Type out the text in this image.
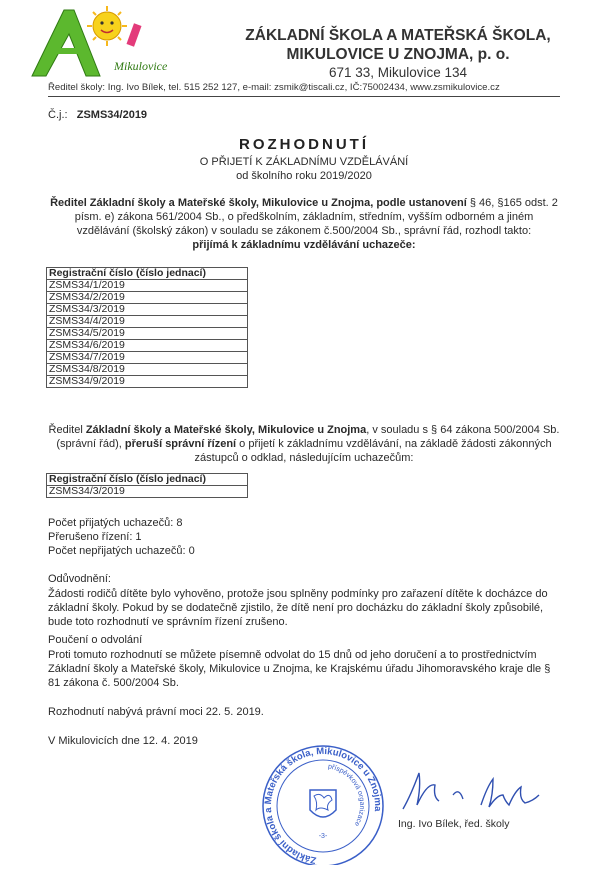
Mikulovice
ZÁKLADNÍ ŠKOLA A MATEŘSKÁ ŠKOLA,
MIKULOVICE U ZNOJMA, p. o.
671 33, Mikulovice 134
Ředitel školy: Ing. Ivo Bílek, tel. 515 252 127, e-mail: zsmik@tiscali.cz, IČ:75002434, www.zsmikulovice.cz
Č.j.: ZSMS34/2019
ROZHODNUTÍ
O PŘIJETÍ K ZÁKLADNÍMU VZDĚLÁVÁNÍ
od školního roku 2019/2020
Ředitel Základní školy a Mateřské školy, Mikulovice u Znojma, podle ustanovení § 46, §165 odst. 2 písm. e) zákona 561/2004 Sb., o předškolním, základním, středním, vyšším odborném a jiném vzdělávání (školský zákon) v souladu se zákonem č.500/2004 Sb., správní řád, rozhodl takto:
přijímá k základnímu vzdělávání uchazeče:
Registrační číslo (číslo jednací)
ZSMS34/1/2019
ZSMS34/2/2019
ZSMS34/3/2019
ZSMS34/4/2019
ZSMS34/5/2019
ZSMS34/6/2019
ZSMS34/7/2019
ZSMS34/8/2019
ZSMS34/9/2019
Ředitel Základní školy a Mateřské školy, Mikulovice u Znojma, v souladu s § 64 zákona 500/2004 Sb. (správní řád), přeruší správní řízení o přijetí k základnímu vzdělávání, na základě žádosti zákonných zástupců o odklad, následujícím uchazečům:
Registrační číslo (číslo jednací)
ZSMS34/3/2019
Počet přijatých uchazečů: 8
Přerušeno řízení: 1
Počet nepřijatých uchazečů: 0
Odůvodnění:
Žádosti rodičů dítěte bylo vyhověno, protože jsou splněny podmínky pro zařazení dítěte k docházce do základní školy. Pokud by se dodatečně zjistilo, že dítě není pro docházku do základní školy způsobilé, bude toto rozhodnutí ve správním řízení zrušeno.
Poučení o odvolání
Proti tomuto rozhodnutí se můžete písemně odvolat do 15 dnů od jeho doručení a to prostřednictvím Základní školy a Mateřské školy, Mikulovice u Znojma, ke Krajskému úřadu Jihomoravského kraje dle § 81 zákona č. 500/2004 Sb.
Rozhodnutí nabývá právní moci 22. 5. 2019.
V Mikulovicích dne 12. 4. 2019
Základní škola a Mateřská škola, Mikulovice u Znojma
příspěvková organizace
-3-
Ing. Ivo Bílek, řed. školy
